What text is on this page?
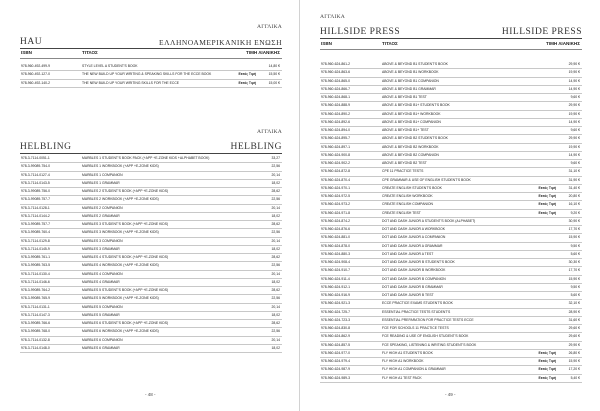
ΑΓΓΛΙΚΑ
HAU	ΕΛΛΗΝΟΑΜΕΡΙΚΑΝΙΚΗ ΕΝΩΣΗ
ISBN	ΤΙΤΛΟΣ	ΤΙΜΗ ΛΙΑΝΙΚΗΣ
978-960-492-499-9	STYLE LEVEL A STUDENT'S BOOK	14,80 €
978-960-492-127-0	THE NEW BUILD UP YOUR WRITING & SPEAKING SKILLS FOR THE ECCE BOOK	Εκτός Τιμή	15,50 €
978-960-492-140-2	THE NEW BUILD UP YOUR WRITING SKILLS FOR THE ECCE	Εκτός Τιμή	15,00 €
ΑΓΓΛΙΚΑ
HELBLING	HELBLING
978-3-7114-0051-1	MARBLES 1 STUDENT'S BOOK PACK (+APP +E-ZONE KIDS +ALPHABET BOOK)	33,27
978-3-99089-754-0	MARBLES 1 WORKBOOK (+APP +E-ZONE KIDS)	22,56
978-3-7114-0127-4	MARBLES 1 COMPANION	20,14
978-3-7114-0143-5	MARBLES 1 GRAMMAR	18,02
978-3-99089-756-0	MARBLES 2 STUDENT'S BOOK (+APP +E-ZONE KIDS)	28,62
978-3-99089-757-7	MARBLES 2 WORKBOOK (+APP +E-ZONE KIDS)	22,56
978-3-7114-0128-1	MARBLES 2 COMPANION	20,14
978-3-7114-0144-2	MARBLES 2 GRAMMAR	18,02
978-3-99089-757-7	MARBLES 3 STUDENT'S BOOK (+APP +E-ZONE KIDS)	28,62
978-3-99089-760-4	MARBLES 3 WORKBOOK (+APP +E-ZONE KIDS)	22,56
978-3-7114-0129-8	MARBLES 3 COMPANION	20,14
978-3-7114-0145-9	MARBLES 3 GRAMMAR	18,02
978-3-99089-761-1	MARBLES 4 STUDENT'S BOOK (+APP +E-ZONE KIDS)	28,62
978-3-99089-763-5	MARBLES 4 WORKBOOK (+APP +E-ZONE KIDS)	22,56
978-3-7114-0130-4	MARBLES 4 COMPANION	20,14
978-3-7114-0146-6	MARBLES 4 GRAMMAR	18,02
978-3-99089-764-2	MARBLES 5 STUDENT'S BOOK (+APP +E-ZONE KIDS)	28,62
978-3-99089-765-9	MARBLES 5 WORKBOOK (+APP +E-ZONE KIDS)	22,56
978-3-7114-0131-1	MARBLES 5 COMPANION	20,14
978-3-7114-0147-3	MARBLES 5 GRAMMAR	18,02
978-3-99089-766-6	MARBLES 6 STUDENT'S BOOK (+APP +E-ZONE KIDS)	28,62
978-3-99089-768-0	MARBLES 6 WORKBOOK (+APP +E-ZONE KIDS)	22,56
978-3-7114-0132-8	MARBLES 6 COMPANION	20,14
978-3-7114-0148-0	MARBLES 6 GRAMMAR	18,02
- 48 -
ΑΓΓΛΙΚΑ
HILLSIDE PRESS	HILLSIDE PRESS
ISBN	ΤΙΤΛΟΣ	ΤΙΜΗ ΛΙΑΝΙΚΗΣ
978-960-624-861-2	ABOVE & BEYOND B1 STUDENT'S BOOK	29,90 €
978-960-624-863-6	ABOVE & BEYOND B1 WORKBOOK	19,90 €
978-960-624-865-0	ABOVE & BEYOND B1 COMPANION	14,90 €
978-960-624-866-7	ABOVE & BEYOND B1 GRAMMAR	14,90 €
978-960-624-868-1	ABOVE & BEYOND B1 TEST	9,60 €
978-960-624-888-9	ABOVE & BEYOND B1+ STUDENT'S BOOK	29,90 €
978-960-624-890-2	ABOVE & BEYOND B1+ WORKBOOK	19,90 €
978-960-624-892-6	ABOVE & BEYOND B1+ COMPANION	14,90 €
978-960-624-894-0	ABOVE & BEYOND B1+ TEST	9,60 €
978-960-624-895-7	ABOVE & BEYOND B2 STUDENT'S BOOK	29,90 €
978-960-624-897-1	ABOVE & BEYOND B2 WORKBOOK	19,90 €
978-960-624-900-8	ABOVE & BEYOND B2 COMPANION	14,90 €
978-960-624-902-2	ABOVE & BEYOND B2 TEST	9,60 €
978-960-624-872-8	CPE 11 PRACTICE TESTS	31,10 €
978-960-624-870-4	CPE GRAMMAR & USE OF ENGLISH STUDENT'S BOOK	31,90 €
978-960-624-970-1	CREATE ENGLISH STUDENT'S BOOK	Εκτός Τιμή	31,40 €
978-960-624-972-5	CREATE ENGLISH WORKBOOK	Εκτός Τιμή	20,80 €
978-960-624-973-2	CREATE ENGLISH COMPANION	Εκτός Τιμή	16,10 €
978-960-624-971-8	CREATE ENGLISH TEST	Εκτός Τιμή	9,20 €
978-960-624-874-2	DOT AND DASH JUNIOR A STUDENT'S BOOK (ALPHABET)	30,90 €
978-960-624-876-6	DOT AND DASH JUNIOR A WORKBOOK	17,70 €
978-960-624-881-0	DOT AND DASH JUNIOR A COMPANION	15,90 €
978-960-624-878-0	DOT AND DASH JUNIOR A GRAMMAR	9,50 €
978-960-624-880-3	DOT AND DASH JUNIOR A TEST	5,60 €
978-960-624-908-4	DOT AND DASH JUNIOR B STUDENT'S BOOK	30,30 €
978-960-624-910-7	DOT AND DASH JUNIOR B WORKBOOK	17,70 €
978-960-624-911-4	DOT AND DASH JUNIOR B COMPANION	15,90 €
978-960-624-912-1	DOT AND DASH JUNIOR B GRAMMAR	9,50 €
978-960-624-916-9	DOT AND DASH JUNIOR B TEST	5,60 €
978-960-624-921-3	ECCE PRACTICE EXAMS STUDENT'S BOOK	32,10 €
978-960-624-725-7	ESSENTIAL PRACTICE TESTS STUDENT'S	28,90 €
978-960-624-723-3	ESSENTIAL PREPARATION FOR PRACTICE TESTS ECCE	31,60 €
978-960-624-830-8	FCE FOR SCHOOLS 11 PRACTICE TESTS	29,60 €
978-960-624-862-9	FCE READING & USE OF ENGLISH STUDENT'S BOOK	29,60 €
978-960-624-857-5	FCE SPEAKING, LISTENING & WRITING STUDENT'S BOOK	29,90 €
978-960-624-977-0	FLY HIGH A1 STUDENT'S BOOK	Εκτός Τιμή	26,80 €
978-960-624-979-4	FLY HIGH A1 WORKBOOK	Εκτός Τιμή	15,90 €
978-960-624-987-9	FLY HIGH A1 COMPANION & GRAMMAR	Εκτός Τιμή	17,20 €
978-960-624-989-3	FLY HIGH A1 TEST PACK	Εκτός Τιμή	5,40 €
- 49 -
